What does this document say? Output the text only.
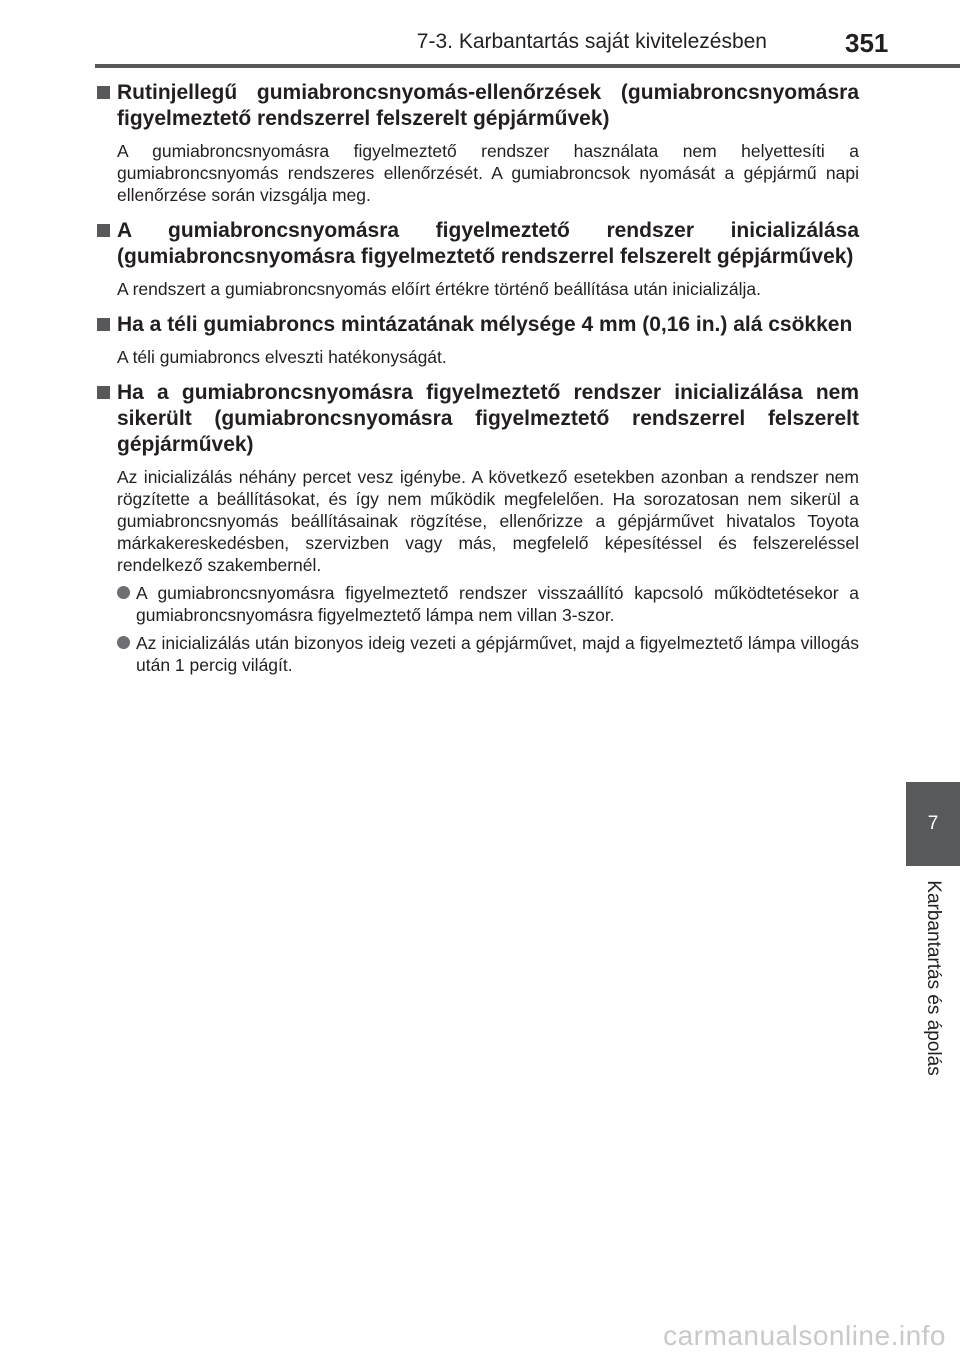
7-3. Karbantartás saját kivitelezésben	351
Rutinjellegű gumiabroncsnyomás-ellenőrzések (gumiabroncsnyomásra figyelmeztető rendszerrel felszerelt gépjárművek)

A gumiabroncsnyomásra figyelmeztető rendszer használata nem helyettesíti a gumiabroncsnyomás rendszeres ellenőrzését. A gumiabroncsok nyomását a gépjármű napi ellenőrzése során vizsgálja meg.

A gumiabroncsnyomásra figyelmeztető rendszer inicializálása (gumiabroncsnyomásra figyelmeztető rendszerrel felszerelt gépjárművek)

A rendszert a gumiabroncsnyomás előírt értékre történő beállítása után inicializálja.

Ha a téli gumiabroncs mintázatának mélysége 4 mm (0,16 in.) alá csökken

A téli gumiabroncs elveszti hatékonyságát.

Ha a gumiabroncsnyomásra figyelmeztető rendszer inicializálása nem sikerült (gumiabroncsnyomásra figyelmeztető rendszerrel felszerelt gépjárművek)

Az inicializálás néhány percet vesz igénybe. A következő esetekben azonban a rendszer nem rögzítette a beállításokat, és így nem működik megfelelően. Ha sorozatosan nem sikerül a gumiabroncsnyomás beállításainak rögzítése, ellenőrizze a gépjárművet hivatalos Toyota márkakereskedésben, szervizben vagy más, megfelelő képesítéssel és felszereléssel rendelkező szakembernél.

A gumiabroncsnyomásra figyelmeztető rendszer visszaállító kapcsoló működtetésekor a gumiabroncsnyomásra figyelmeztető lámpa nem villan 3-szor.
Az inicializálás után bizonyos ideig vezeti a gépjárművet, majd a figyelmeztető lámpa villogás után 1 percig világít.
7
Karbantartás és ápolás
carmanualsonline.info
